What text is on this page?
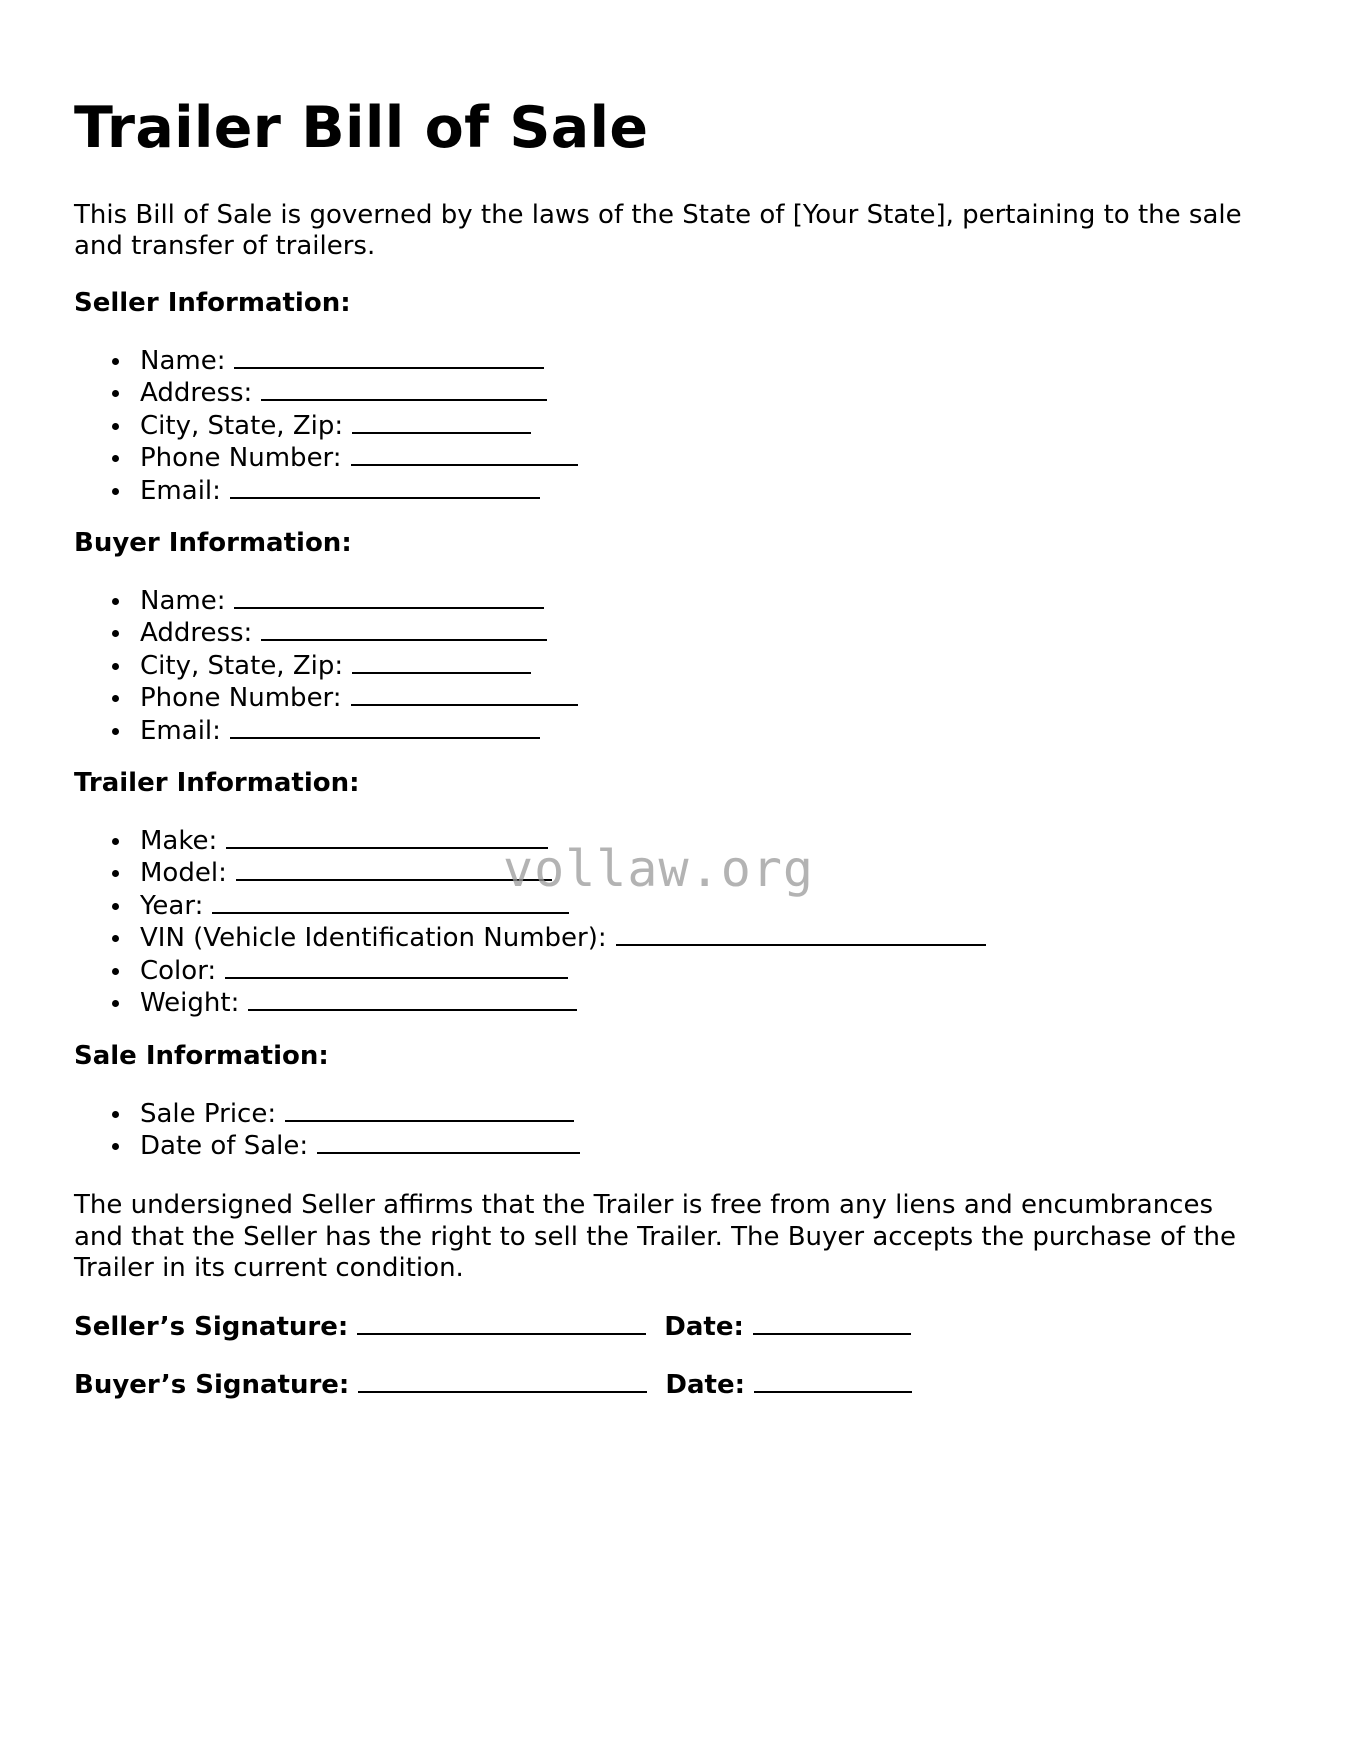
Trailer Bill of Sale

This Bill of Sale is governed by the laws of the State of [Your State], pertaining to the sale and transfer of trailers.

Seller Information:
Name:
Address:
City, State, Zip:
Phone Number:
Email:
Buyer Information:
Name:
Address:
City, State, Zip:
Phone Number:
Email:
Trailer Information:
Make:
Model:
Year:
VIN (Vehicle Identification Number):
Color:
Weight:
Sale Information:
Sale Price:
Date of Sale:

The undersigned Seller affirms that the Trailer is free from any liens and encumbrances and that the Seller has the right to sell the Trailer. The Buyer accepts the purchase of the Trailer in its current condition.

Seller’s Signature:	Date:
Buyer’s Signature:	Date:
vollaw.org
